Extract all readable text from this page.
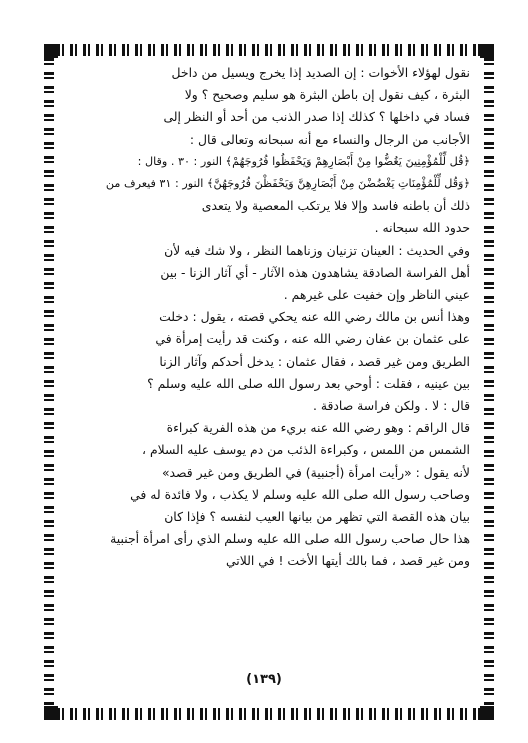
نقول لهؤلاء الأخوات : إن الصديد إذا يخرج ويسيل من داخل
البثرة ، كيف نقول إن باطن البثرة هو سليم وصحيح ؟ ولا
فساد في داخلها ؟ كذلك إذا صدر الذنب من أحد أو النظر إلى
الأجانب من الرجال والنساء مع أنه سبحانه وتعالى قال :
﴿قُل لِّلْمُؤْمِنِينَ يَغُضُّوا مِنْ أَبْصَارِهِمْ وَيَحْفَظُوا فُرُوجَهُمْ﴾ النور : ٣٠ . وقال :
﴿وَقُل لِّلْمُؤْمِنَاتِ يَغْضُضْنَ مِنْ أَبْصَارِهِنَّ وَيَحْفَظْنَ فُرُوجَهُنَّ﴾ النور : ٣١ فيعرف من
ذلك أن باطنه فاسد وإلا فلا يرتكب المعصية ولا يتعدى
حدود الله سبحانه .
وفي الحديث : العينان تزنيان وزناهما النظر ، ولا شك فيه لأن
أهل الفراسة الصادقة يشاهدون هذه الآثار - أي آثار الزنا - بين
عيني الناظر وإن خفيت على غيرهم .
وهذا أنس بن مالك رضي الله عنه يحكي قصته ، يقول : دخلت
على عثمان بن عفان رضي الله عنه ، وكنت قد رأيت إمرأة في
الطريق ومن غير قصد ، فقال عثمان : يدخل أحدكم وآثار الزنا
بين عينيه ، فقلت : أوحي بعد رسول الله صلى الله عليه وسلم ؟
قال : لا . ولكن فراسة صادقة .
قال الراقم : وهو رضي الله عنه بريء من هذه الفرية كبراءة
الشمس من اللمس ، وكبراءة الذئب من دم يوسف عليه السلام ،
لأنه يقول : «رأيت امرأة (أجنبية) في الطريق ومن غير قصد»
وصاحب رسول الله صلى الله عليه وسلم لا يكذب ، ولا فائدة له في
بيان هذه القصة التي تظهر من بيانها العيب لنفسه ؟ فإذا كان
هذا حال صاحب رسول الله صلى الله عليه وسلم الذي رأى امرأة أجنبية
ومن غير قصد ، فما بالك أيتها الأخت ! في اللاتي
(١٣٩)
